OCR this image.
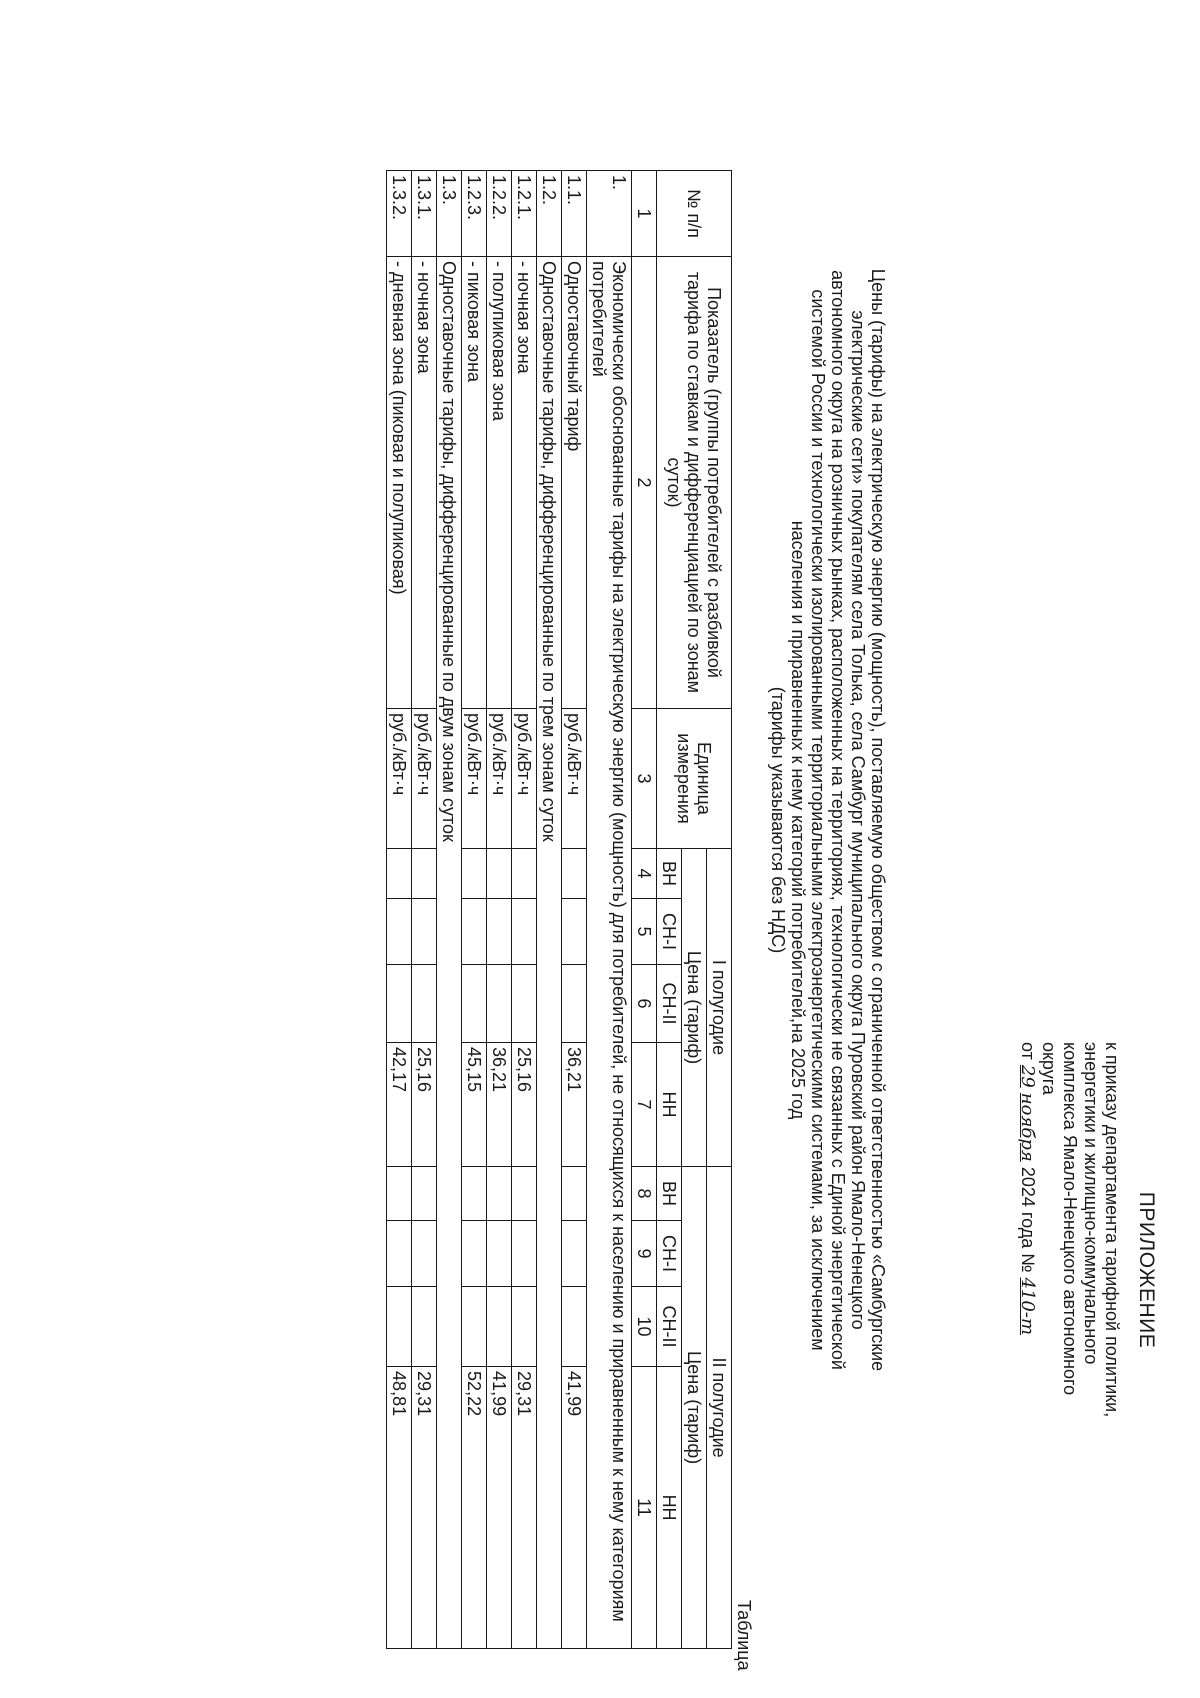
ПРИЛОЖЕНИЕ
к приказу департамента тарифной политики,
энергетики и жилищно-коммунального
комплекса Ямало-Ненецкого автономного
округа
от 29 ноября 2024 года № 410-т
Цены (тарифы) на электрическую энергию (мощность), поставляемую обществом с ограниченной ответственностью «Самбургские
электрические сети» покупателям села Толька, села Самбург муниципального округа Пуровский район Ямало-Ненецкого
автономного округа на розничных рынках, расположенных на территориях, технологически не связанных с Единой энергетической
системой России и технологически изолированными территориальными электроэнергетическими системами, за исключением
населения и приравненных к нему категорий потребителей,на 2025 год
(тарифы указываются без НДС)
Таблица
№ п/п	Показатель (группы потребителей с разбивкой тарифа по ставкам и дифференциацией по зонам суток)	Единица измерения	I полугодие				II полугодие			
			Цена (тариф)				Цена (тариф)			
			ВН	СН-I	СН-II	НН	ВН	СН-I	СН-II	НН
1	2	3	4	5	6	7	8	9	10	11
1.	Экономически обоснованные тарифы на электрическую энергию (мощность) для потребителей, не относящихся к населению и приравненным к нему категориям потребителей									
1.1.	Одноставочный тариф	руб./кВт·ч				36,21				41,99
1.2.	Одноставочные тарифы, дифференцированные по трем зонам суток									
1.2.1.	- ночная зона	руб./кВт·ч				25,16				29,31
1.2.2.	- полупиковая зона	руб./кВт·ч				36,21				41,99
1.2.3.	- пиковая зона	руб./кВт·ч				45,15				52,22
1.3.	Одноставочные тарифы, дифференцированные по двум зонам суток									
1.3.1.	- ночная зона	руб./кВт·ч				25,16				29,31
1.3.2.	- дневная зона (пиковая и полупиковая)	руб./кВт·ч				42,17				48,81
